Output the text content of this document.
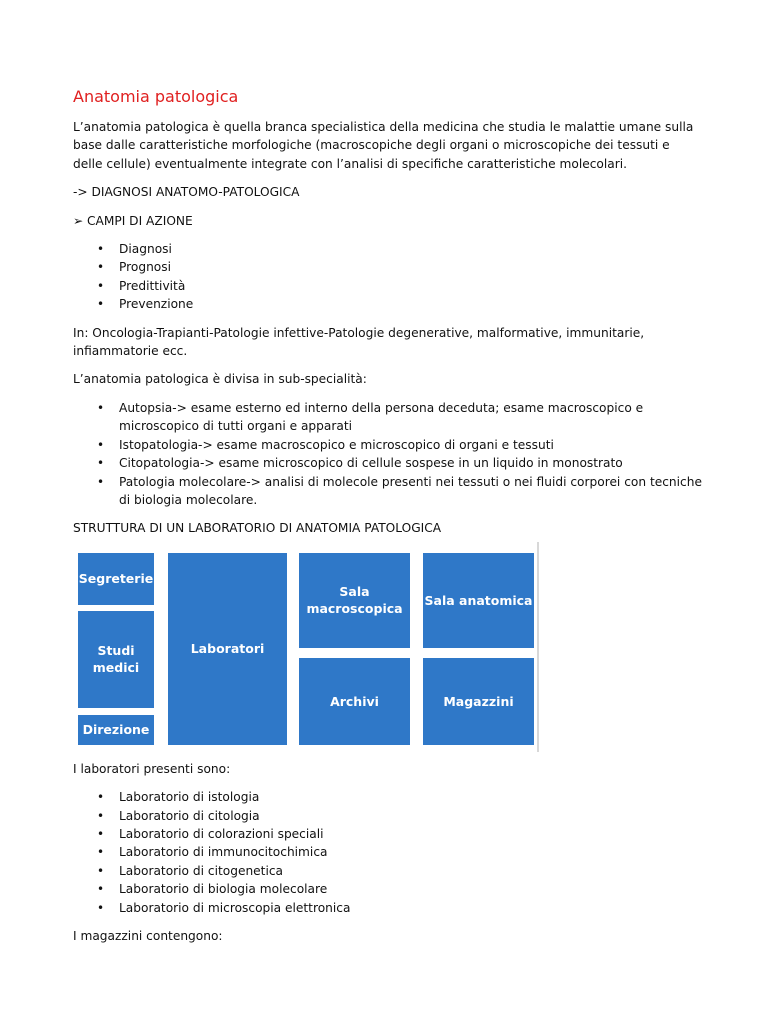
Anatomia patologica

L’anatomia patologica è quella branca specialistica della medicina che studia le malattie umane sulla base dalle caratteristiche morfologiche (macroscopiche degli organi o microscopiche dei tessuti e delle cellule) eventualmente integrate con l’analisi di specifiche caratteristiche molecolari.

-> DIAGNOSI ANATOMO-PATOLOGICA

➢ CAMPI DI AZIONE

• Diagnosi
• Prognosi
• Predittività
• Prevenzione

In: Oncologia-Trapianti-Patologie infettive-Patologie degenerative, malformative, immunitarie, infiammatorie ecc.

L’anatomia patologica è divisa in sub-specialità:

• Autopsia-> esame esterno ed interno della persona deceduta; esame macroscopico e microscopico di tutti organi e apparati
• Istopatologia-> esame macroscopico e microscopico di organi e tessuti
• Citopatologia-> esame microscopico di cellule sospese in un liquido in monostrato
• Patologia molecolare-> analisi di molecole presenti nei tessuti o nei fluidi corporei con tecniche di biologia molecolare.

STRUTTURA DI UN LABORATORIO DI ANATOMIA PATOLOGICA

Segreterie
Studi medici
Direzione
Laboratori
Sala macroscopica
Sala anatomica
Archivi	Magazzini

I laboratori presenti sono:

• Laboratorio di istologia
• Laboratorio di citologia
• Laboratorio di colorazioni speciali
• Laboratorio di immunocitochimica
• Laboratorio di citogenetica
• Laboratorio di biologia molecolare
• Laboratorio di microscopia elettronica

I magazzini contengono:
